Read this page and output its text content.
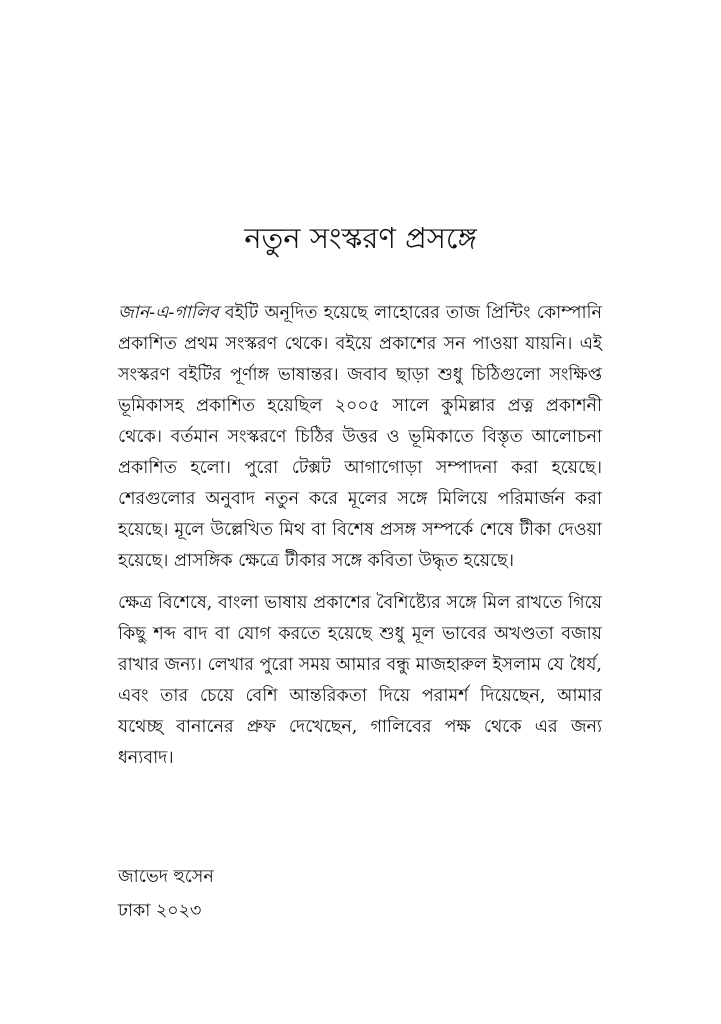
নতুন সংস্করণ প্রসঙ্গে

জান-এ-গালিব বইটি অনূদিত হয়েছে লাহোরের তাজ প্রিন্টিং কোম্পানি প্রকাশিত প্রথম সংস্করণ থেকে। বইয়ে প্রকাশের সন পাওয়া যায়নি। এই সংস্করণ বইটির পূর্ণাঙ্গ ভাষান্তর। জবাব ছাড়া শুধু চিঠিগুলো সংক্ষিপ্ত ভূমিকাসহ প্রকাশিত হয়েছিল ২০০৫ সালে কুমিল্লার প্রত্ন প্রকাশনী থেকে। বর্তমান সংস্করণে চিঠির উত্তর ও ভূমিকাতে বিস্তৃত আলোচনা প্রকাশিত হলো। পুরো টেক্সট আগাগোড়া সম্পাদনা করা হয়েছে। শেরগুলোর অনুবাদ নতুন করে মূলের সঙ্গে মিলিয়ে পরিমার্জন করা হয়েছে। মূলে উল্লেখিত মিথ বা বিশেষ প্রসঙ্গ সম্পর্কে শেষে টীকা দেওয়া হয়েছে। প্রাসঙ্গিক ক্ষেত্রে টীকার সঙ্গে কবিতা উদ্ধৃত হয়েছে।

ক্ষেত্র বিশেষে, বাংলা ভাষায় প্রকাশের বৈশিষ্ট্যের সঙ্গে মিল রাখতে গিয়ে কিছু শব্দ বাদ বা যোগ করতে হয়েছে শুধু মূল ভাবের অখণ্ডতা বজায় রাখার জন্য। লেখার পুরো সময় আমার বন্ধু মাজহারুল ইসলাম যে ধৈর্য, এবং তার চেয়ে বেশি আন্তরিকতা দিয়ে পরামর্শ দিয়েছেন, আমার যথেচ্ছ বানানের প্রুফ দেখেছেন, গালিবের পক্ষ থেকে এর জন্য ধন্যবাদ।

জাভেদ হুসেন
ঢাকা ২০২৩
